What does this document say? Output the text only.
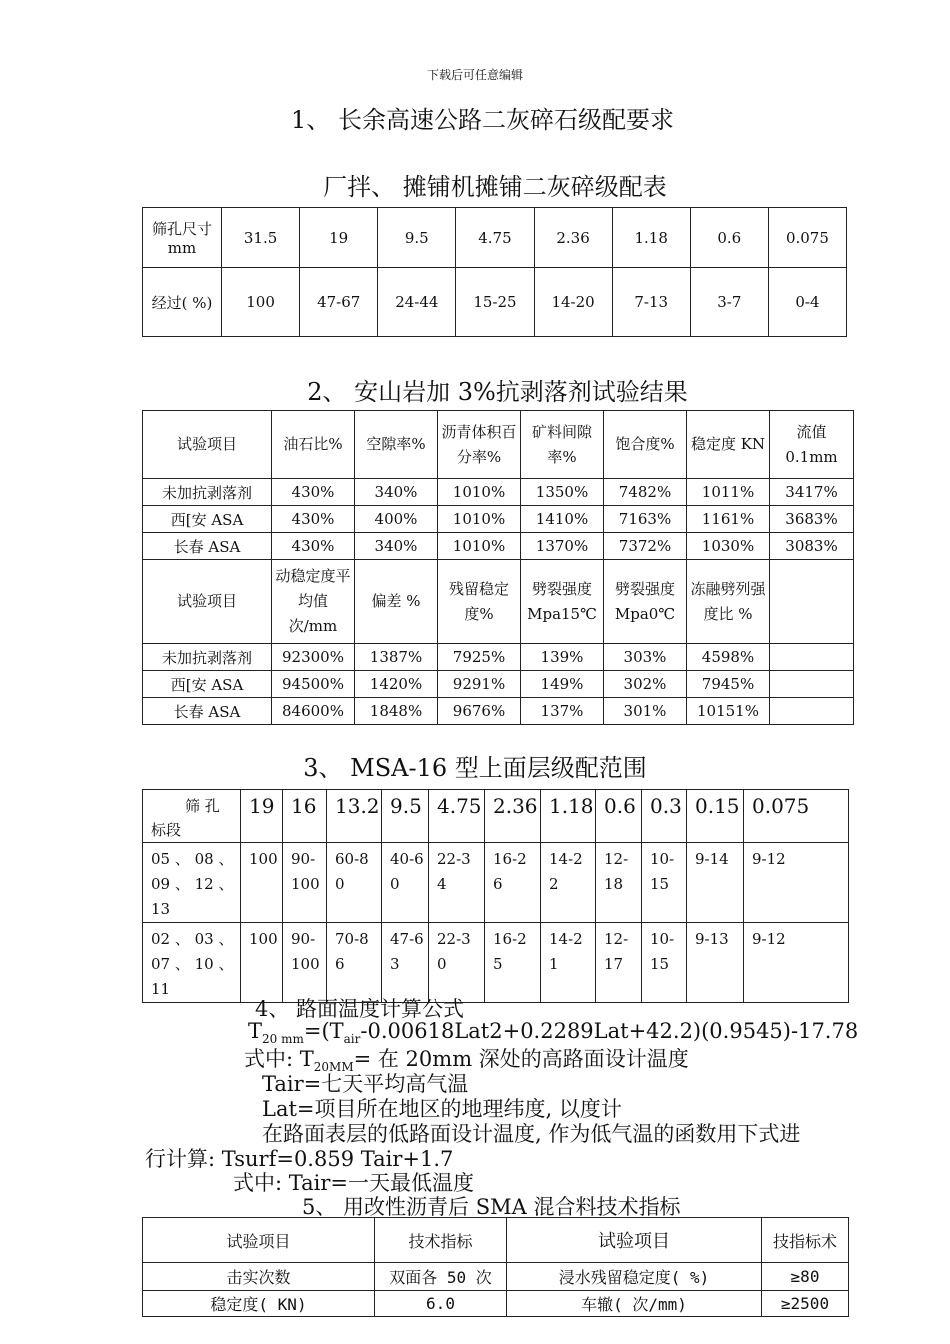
下载后可任意编辑
1、 长余高速公路二灰碎石级配要求
厂拌、 摊铺机摊铺二灰碎级配表
筛孔尺寸mm	31.5	19	9.5	4.75	2.36	1.18	0.6	0.075
经过( %)	100	47-67	24-44	15-25	14-20	7-13	3-7	0-4
2、 安山岩加 3%抗剥落剂试验结果
试验项目	油石比%	空隙率%	沥青体积百分率%	矿料间隙率%	饱合度%	稳定度 KN	流值0.1mm
未加抗剥落剂	430%	340%	1010%	1350%	7482%	1011%	3417%
西[安 ASA	430%	400%	1010%	1410%	7163%	1161%	3683%
长春 ASA	430%	340%	1010%	1370%	7372%	1030%	3083%
试验项目	动稳定度平均值次/mm	偏差 %	残留稳定度%	劈裂强度Mpa15℃	劈裂强度Mpa0℃	冻融劈列强度比 %	
未加抗剥落剂	92300%	1387%	7925%	139%	303%	4598%	
西[安 ASA	94500%	1420%	9291%	149%	302%	7945%	
长春 ASA	84600%	1848%	9676%	137%	301%	10151%	
3、 MSA-16 型上面层级配范围
筛 孔
标段	19	16	13.2	9.5	4.75	2.36	1.18	0.6	0.3	0.15	0.075
05 、 08 、09 、 12 、13	100	90-100	60-80	40-60	22-34	16-26	14-22	12-18	10-15	9-14	9-12
02 、 03 、07 、 10 、11	100	90-100	70-86	47-63	22-30	16-25	14-21	12-17	10-15	9-13	9-12
4、 路面温度计算公式
$T_{20 mm}=(T_{air}-0.00618Lat2+0.2289Lat+42.2)(0.9545)-17.78$
式中: $T_{20MM}=$ 在 20mm 深处的高路面设计温度
Tair=七天平均高气温
Lat=项目所在地区的地理纬度, 以度计
在路面表层的低路面设计温度, 作为低气温的函数用下式进
行计算: Tsurf=0.859 Tair+1.7
式中: Tair=一天最低温度
5、 用改性沥青后 SMA 混合料技术指标
试验项目	技术指标	试验项目	技指标术
击实次数	双面各 50 次	浸水残留稳定度( %)	≥80
稳定度( KN)	6.0	车辙( 次/mm)	≥2500
